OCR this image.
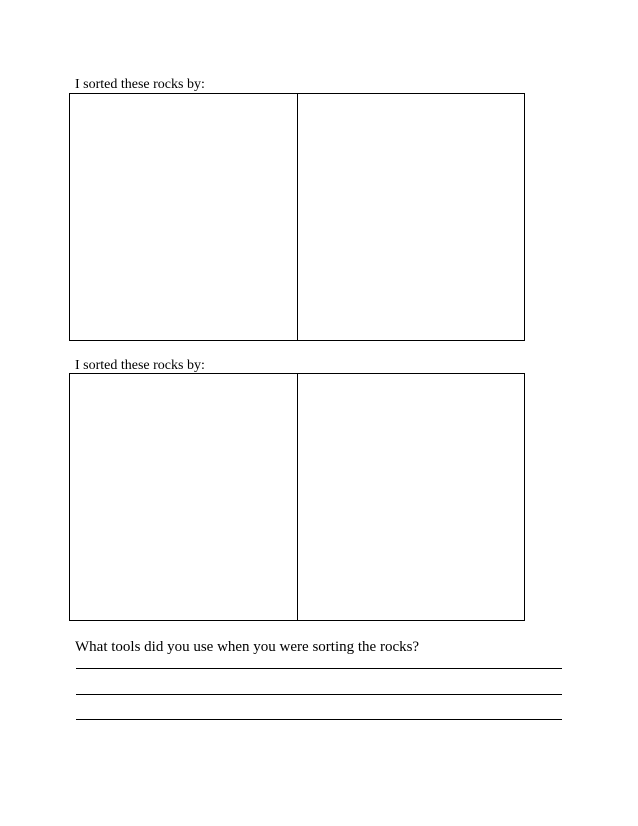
I sorted these rocks by:
I sorted these rocks by:
What tools did you use when you were sorting the rocks?
